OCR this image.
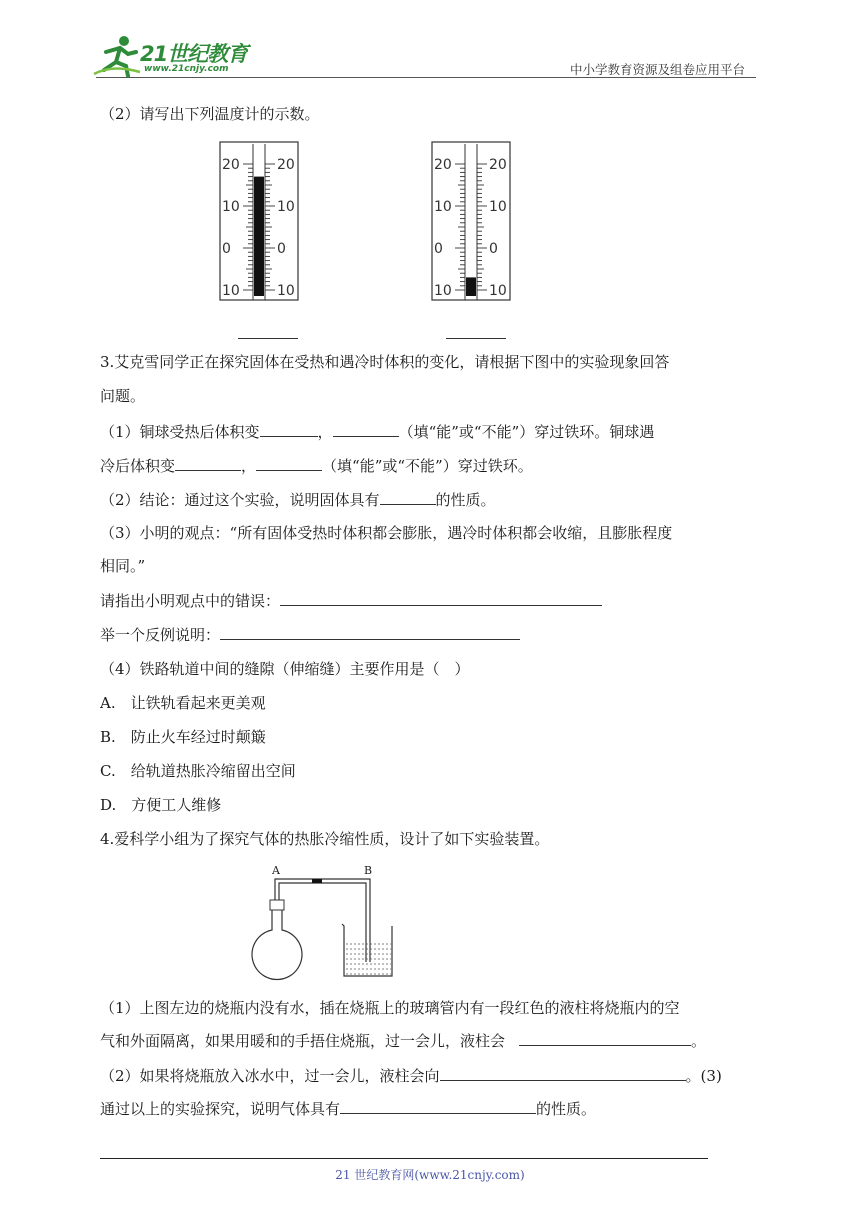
21世纪教育
www.21cnjy.com	中小学教育资源及组卷应用平台
（2）请写出下列温度计的示数。
20	20
10	10
0	0
10	10
20	20
10	10
0	0
10	10
3.艾克雪同学正在探究固体在受热和遇冷时体积的变化，请根据下图中的实验现象回答
问题。
（1）铜球受热后体积变	，	（填“能”或“不能”）穿过铁环。铜球遇
冷后体积变	，	（填“能”或“不能”）穿过铁环。
（2）结论：通过这个实验，说明固体具有	的性质。
（3）小明的观点：“所有固体受热时体积都会膨胀，遇冷时体积都会收缩，且膨胀程度
相同。”
请指出小明观点中的错误：
举一个反例说明：
（4）铁路轨道中间的缝隙（伸缩缝）主要作用是（　）
A.　让铁轨看起来更美观
B.　防止火车经过时颠簸
C.　给轨道热胀冷缩留出空间
D.　方便工人维修
4.爱科学小组为了探究气体的热胀冷缩性质，设计了如下实验装置。
A	B
（1）上图左边的烧瓶内没有水，插在烧瓶上的玻璃管内有一段红色的液柱将烧瓶内的空
气和外面隔离，如果用暖和的手捂住烧瓶，过一会儿，液柱会	。
（2）如果将烧瓶放入冰水中，过一会儿，液柱会向	。(3)
通过以上的实验探究，说明气体具有	的性质。
21 世纪教育网(www.21cnjy.com)
